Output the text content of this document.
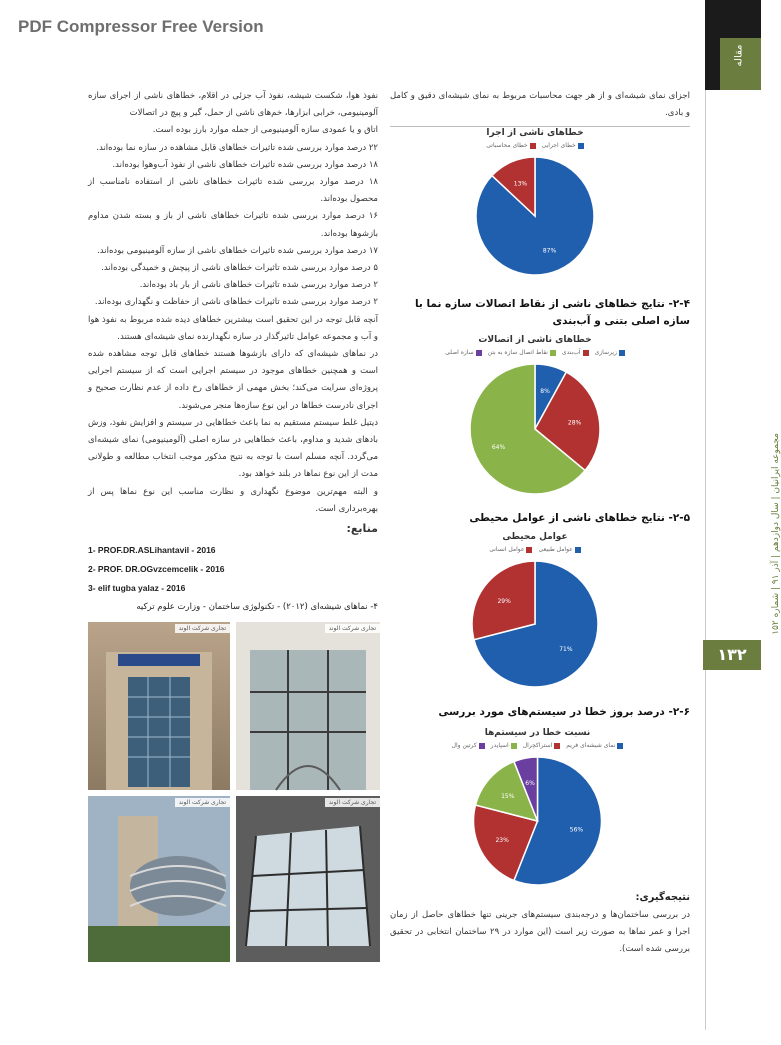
PDF Compressor Free Version
مقاله
مجموعه ایرانیان | سال دوازدهم | آذر ۹۱ | شماره ۱۵۲
۱۳۲

نفوذ هوا، شکست شیشه، نفوذ آب جزئی در اقلام، خطاهای ناشی از اجرای سازه آلومینیومی، خرابی ابزارها، خم‌های ناشی از حمل، گیر و پیچ در اتصالات

اتاق و یا عمودی سازه آلومینیومی از جمله موارد بارز بوده است.

۲۲ درصد موارد بررسی شده تاثیرات خطاهای قابل مشاهده در سازه نما بوده‌اند.

۱۸ درصد موارد بررسی شده تاثیرات خطاهای ناشی از نفوذ آب‌وهوا بوده‌اند.

۱۸ درصد موارد بررسی شده تاثیرات خطاهای ناشی از استفاده نامناسب از محصول بوده‌اند.

۱۶ درصد موارد بررسی شده تاثیرات خطاهای ناشی از باز و بسته شدن مداوم بازشوها بوده‌اند.

۱۷ درصد موارد بررسی شده تاثیرات خطاهای ناشی از سازه آلومینیومی بوده‌اند.

۵ درصد موارد بررسی شده تاثیرات خطاهای ناشی از پیچش و خمیدگی بوده‌اند.

۲ درصد موارد بررسی شده تاثیرات خطاهای ناشی از بار باد بوده‌اند.

۲ درصد موارد بررسی شده تاثیرات خطاهای ناشی از حفاظت و نگهداری بوده‌اند.

آنچه قابل توجه در این تحقیق است بیشترین خطاهای دیده شده مربوط به نفوذ هوا و آب و مجموعه عوامل تاثیرگذار در سازه نگهدارنده نمای شیشه‌ای هستند.

در نماهای شیشه‌ای که دارای بازشوها هستند خطاهای قابل توجه مشاهده شده است و همچنین خطاهای موجود در سیستم اجرایی است که از سیستم اجرایی پروژه‌ای سرایت می‌کند؛ بخش مهمی از خطاهای رخ داده از عدم نظارت صحیح و اجرای نادرست خطاها در این نوع سازه‌ها منجر می‌شوند.

دیتیل غلط سیستم مستقیم به نما باعث خطاهایی در سیستم و افزایش نفوذ، وزش بادهای شدید و مداوم، باعث خطاهایی در سازه اصلی (آلومینیومی) نمای شیشه‌ای می‌گردد. آنچه مسلم است با توجه به نتیج مذکور موجب انتخاب مطالعه و طولانی مدت از این نوع نماها در بلند خواهد بود.

و البته مهم‌ترین موضوع نگهداری و نظارت مناسب این نوع نماها پس از بهره‌برداری است.

منابع:
1- PROF.DR.ASLihantavil - 2016
2- PROF. DR.OGvzcemcelik - 2016
3- elif tugba yalaz - 2016
۴- نماهای شیشه‌ای (۲۰۱۲) - تکنولوژی ساختمان - وزارت علوم ترکیه
تجاری شرکت الوند	تجاری شرکت الوند
تجاری شرکت الوند	تجاری شرکت الوند
اجزای نمای شیشه‌ای و از هر جهت محاسبات مربوط به نمای شیشه‌ای دقیق و کامل و بادی.
خطاهای ناشی از اجرا
خطای اجرایی
خطای محاسباتی
87%
13%
۲-۴- نتایج خطاهای ناشی از نقاط اتصالات سازه نما با سازه اصلی بتنی و آب‌بندی
خطاهای ناشی از اتصالات
زیرسازی
آب‌بندی
نقاط اتصال سازه به بتن
سازه اصلی
8%
28%
64%
۲-۵- نتایج خطاهای ناشی از عوامل محیطی
عوامل محیطی
عوامل طبیعی
عوامل انسانی
71%
29%
۲-۶- درصد بروز خطا در سیستم‌های مورد بررسی
نسبت خطا در سیستم‌ها
نمای شیشه‌ای فریم
استراکچرال
اسپایدر
کرتین وال
56%
23%
15%
6%
نتیجه‌گیری:

در بررسی ساختمان‌ها و درجه‌بندی سیستم‌های جرینی تنها خطاهای حاصل از زمان اجرا و عمر نماها به صورت زیر است (این موارد در ۲۹ ساختمان انتخابی در تحقیق بررسی شده است).
